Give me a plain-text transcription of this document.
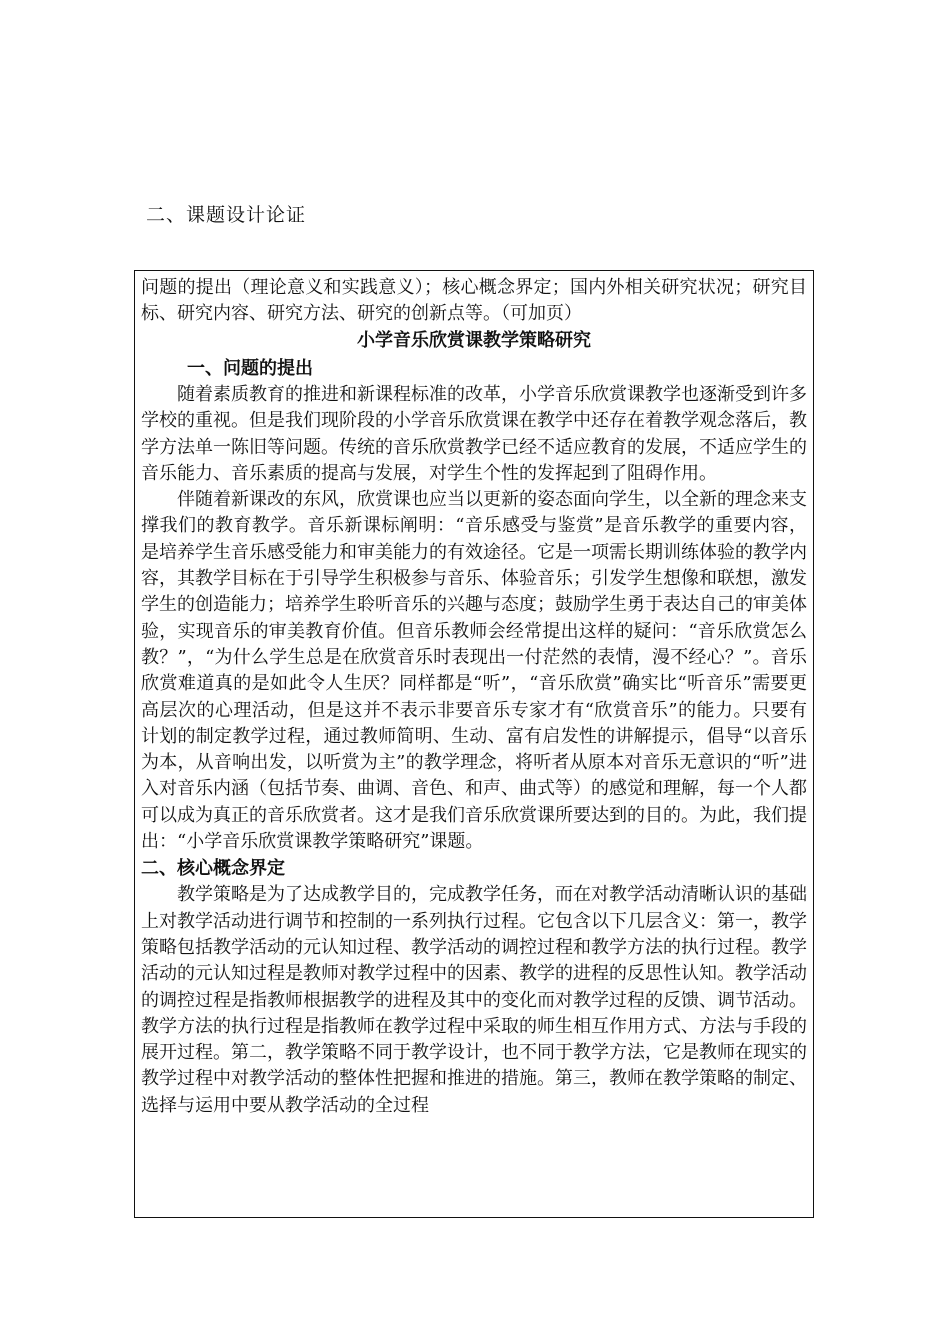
二、课题设计论证

问题的提出（理论意义和实践意义）；核心概念界定；国内外相关研究状况；研究目标、研究内容、研究方法、研究的创新点等。（可加页）

小学音乐欣赏课教学策略研究

一、问题的提出

随着素质教育的推进和新课程标准的改革，小学音乐欣赏课教学也逐渐受到许多学校的重视。但是我们现阶段的小学音乐欣赏课在教学中还存在着教学观念落后，教学方法单一陈旧等问题。传统的音乐欣赏教学已经不适应教育的发展，不适应学生的音乐能力、音乐素质的提高与发展，对学生个性的发挥起到了阻碍作用。

伴随着新课改的东风，欣赏课也应当以更新的姿态面向学生，以全新的理念来支撑我们的教育教学。音乐新课标阐明：“音乐感受与鉴赏”是音乐教学的重要内容，是培养学生音乐感受能力和审美能力的有效途径。它是一项需长期训练体验的教学内容，其教学目标在于引导学生积极参与音乐、体验音乐；引发学生想像和联想，激发学生的创造能力；培养学生聆听音乐的兴趣与态度；鼓励学生勇于表达自己的审美体验，实现音乐的审美教育价值。但音乐教师会经常提出这样的疑问：“音乐欣赏怎么教？”，“为什么学生总是在欣赏音乐时表现出一付茫然的表情，漫不经心？”。音乐欣赏难道真的是如此令人生厌？同样都是“听”，“音乐欣赏”确实比“听音乐”需要更高层次的心理活动，但是这并不表示非要音乐专家才有“欣赏音乐”的能力。只要有计划的制定教学过程，通过教师简明、生动、富有启发性的讲解提示，倡导“以音乐为本，从音响出发，以听赏为主”的教学理念，将听者从原本对音乐无意识的“听”进入对音乐内涵（包括节奏、曲调、音色、和声、曲式等）的感觉和理解，每一个人都可以成为真正的音乐欣赏者。这才是我们音乐欣赏课所要达到的目的。为此，我们提出：“小学音乐欣赏课教学策略研究”课题。

二、核心概念界定

教学策略是为了达成教学目的，完成教学任务，而在对教学活动清晰认识的基础上对教学活动进行调节和控制的一系列执行过程。它包含以下几层含义：第一，教学策略包括教学活动的元认知过程、教学活动的调控过程和教学方法的执行过程。教学活动的元认知过程是教师对教学过程中的因素、教学的进程的反思性认知。教学活动的调控过程是指教师根据教学的进程及其中的变化而对教学过程的反馈、调节活动。教学方法的执行过程是指教师在教学过程中采取的师生相互作用方式、方法与手段的展开过程。第二，教学策略不同于教学设计，也不同于教学方法，它是教师在现实的教学过程中对教学活动的整体性把握和推进的措施。第三，教师在教学策略的制定、选择与运用中要从教学活动的全过程
